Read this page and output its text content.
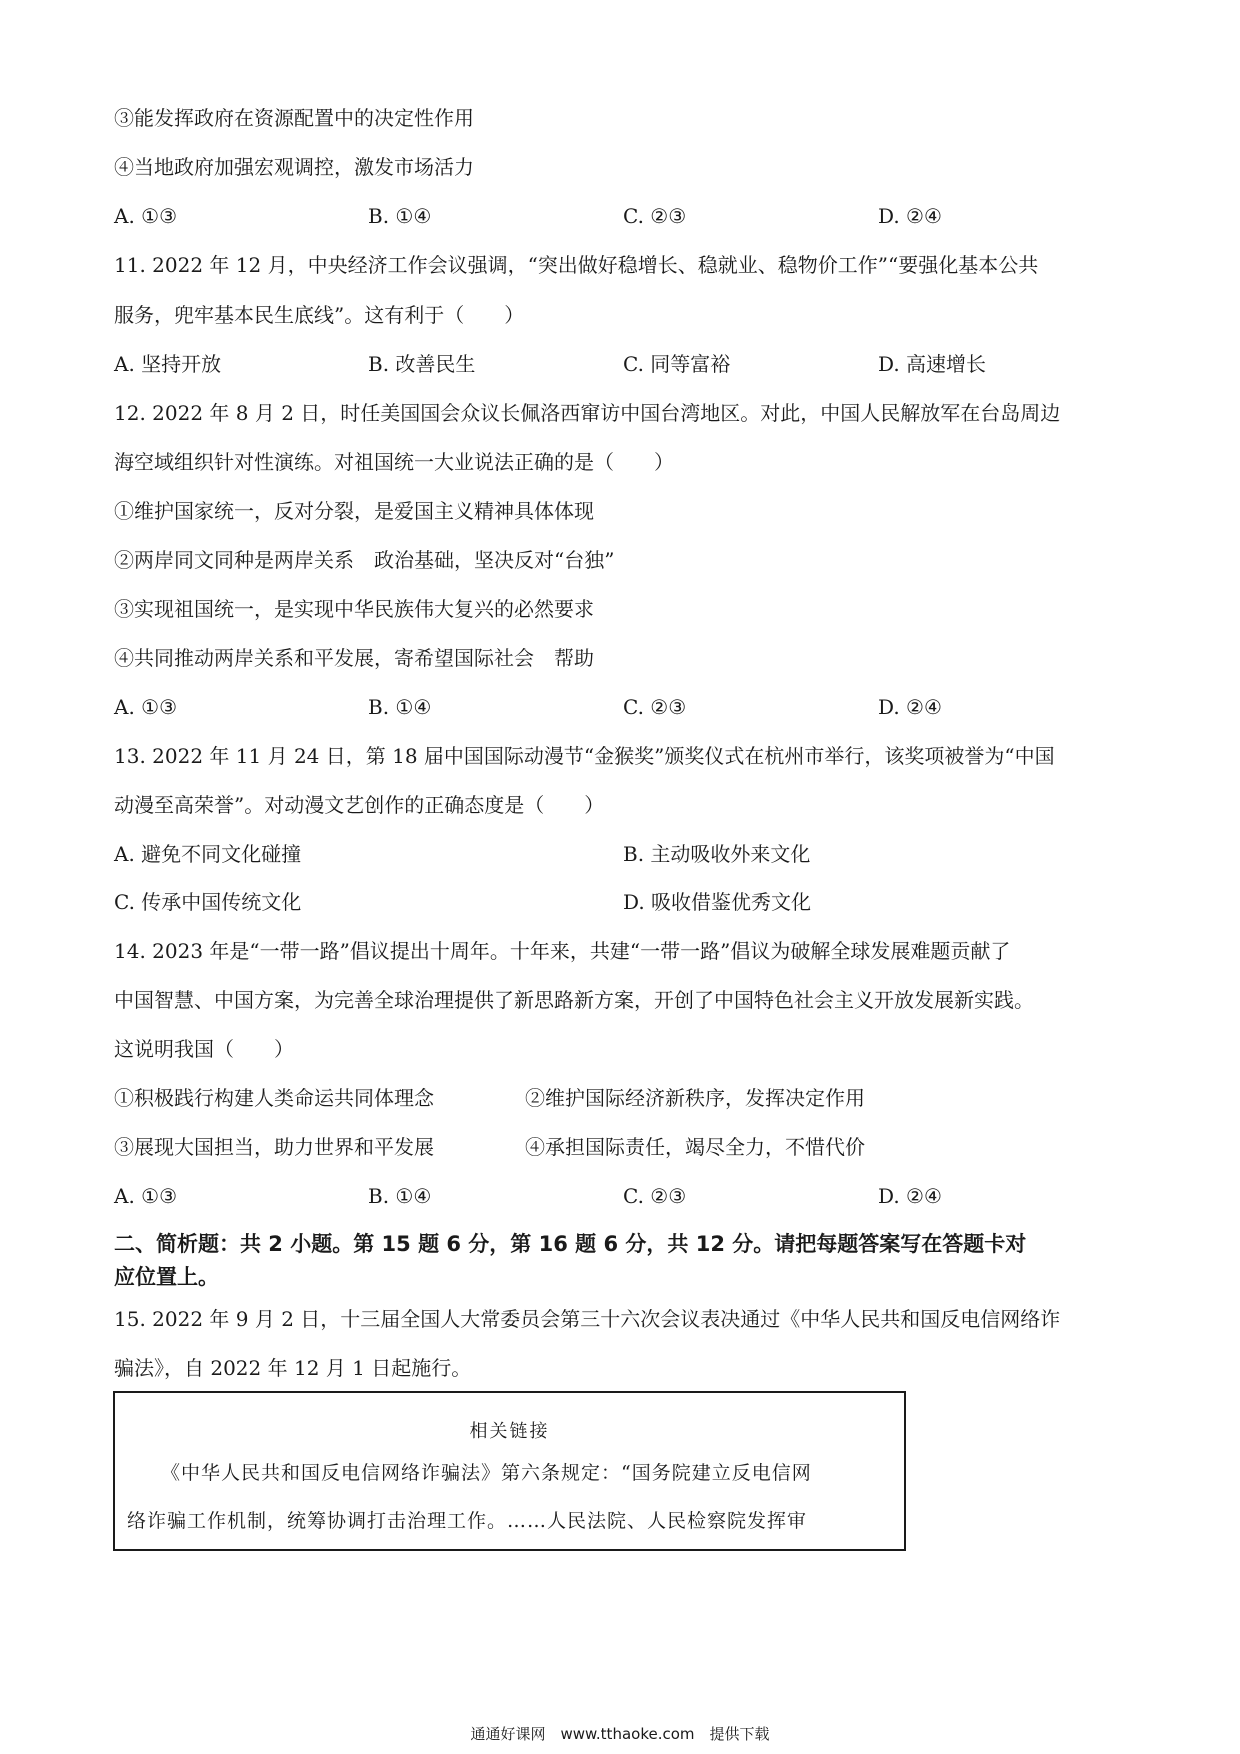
③能发挥政府在资源配置中的决定性作用
④当地政府加强宏观调控，激发市场活力
A. ①③	B. ①④	C. ②③	D. ②④
11. 2022 年 12 月，中央经济工作会议强调，“突出做好稳增长、稳就业、稳物价工作”“要强化基本公共
服务，兜牢基本民生底线”。这有利于（　　）
A. 坚持开放	B. 改善民生	C. 同等富裕	D. 高速增长
12. 2022 年 8 月 2 日，时任美国国会众议长佩洛西窜访中国台湾地区。对此，中国人民解放军在台岛周边
海空域组织针对性演练。对祖国统一大业说法正确的是（　　）
①维护国家统一，反对分裂，是爱国主义精神具体体现
②两岸同文同种是两岸关系　政治基础，坚决反对“台独”
③实现祖国统一，是实现中华民族伟大复兴的必然要求
④共同推动两岸关系和平发展，寄希望国际社会　帮助
A. ①③	B. ①④	C. ②③	D. ②④
13. 2022 年 11 月 24 日，第 18 届中国国际动漫节“金猴奖”颁奖仪式在杭州市举行，该奖项被誉为“中国
动漫至高荣誉”。对动漫文艺创作的正确态度是（　　）
A. 避免不同文化碰撞	B. 主动吸收外来文化
C. 传承中国传统文化	D. 吸收借鉴优秀文化
14. 2023 年是“一带一路”倡议提出十周年。十年来，共建“一带一路”倡议为破解全球发展难题贡献了
中国智慧、中国方案，为完善全球治理提供了新思路新方案，开创了中国特色社会主义开放发展新实践。
这说明我国（　　）
①积极践行构建人类命运共同体理念	②维护国际经济新秩序，发挥决定作用
③展现大国担当，助力世界和平发展	④承担国际责任，竭尽全力，不惜代价
A. ①③	B. ①④	C. ②③	D. ②④
二、简析题：共 2 小题。第 15 题 6 分，第 16 题 6 分，共 12 分。请把每题答案写在答题卡对
应位置上。
15. 2022 年 9 月 2 日，十三届全国人大常委员会第三十六次会议表决通过《中华人民共和国反电信网络诈
骗法》，自 2022 年 12 月 1 日起施行。
相关链接
《中华人民共和国反电信网络诈骗法》第六条规定：“国务院建立反电信网
络诈骗工作机制，统筹协调打击治理工作。……人民法院、人民检察院发挥审
通通好课网　www.tthaoke.com　提供下载
